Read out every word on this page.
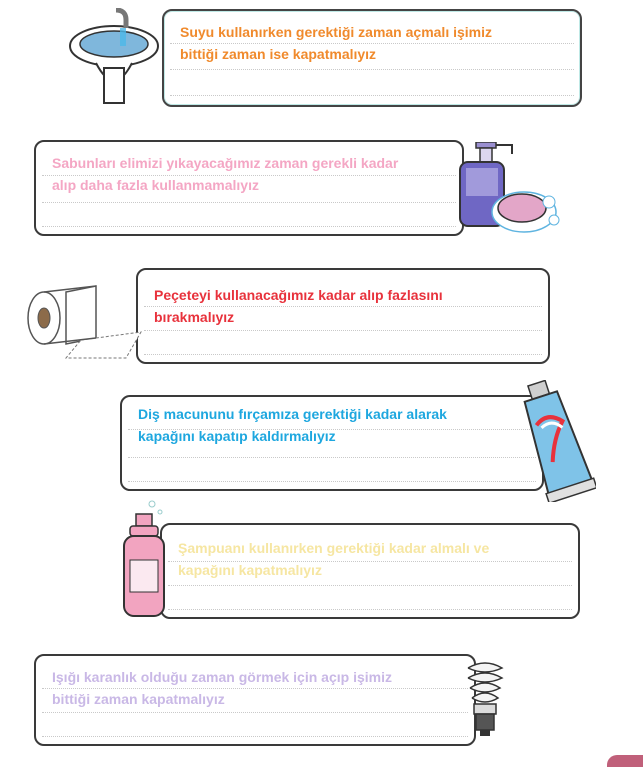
Suyu kullanırken gerektiği zaman açmalı işimiz
bittiği zaman ise kapatmalıyız
Sabunları elimizi yıkayacağımız zaman gerekli kadar
alıp daha fazla kullanmamalıyız
Peçeteyi kullanacağımız kadar alıp fazlasını
bırakmalıyız
Diş macununu fırçamıza gerektiği kadar alarak
kapağını kapatıp kaldırmalıyız
Şampuanı kullanırken gerektiği kadar almalı ve
kapağını kapatmalıyız
Işığı karanlık olduğu zaman görmek için açıp işimiz
bittiği zaman kapatmalıyız
